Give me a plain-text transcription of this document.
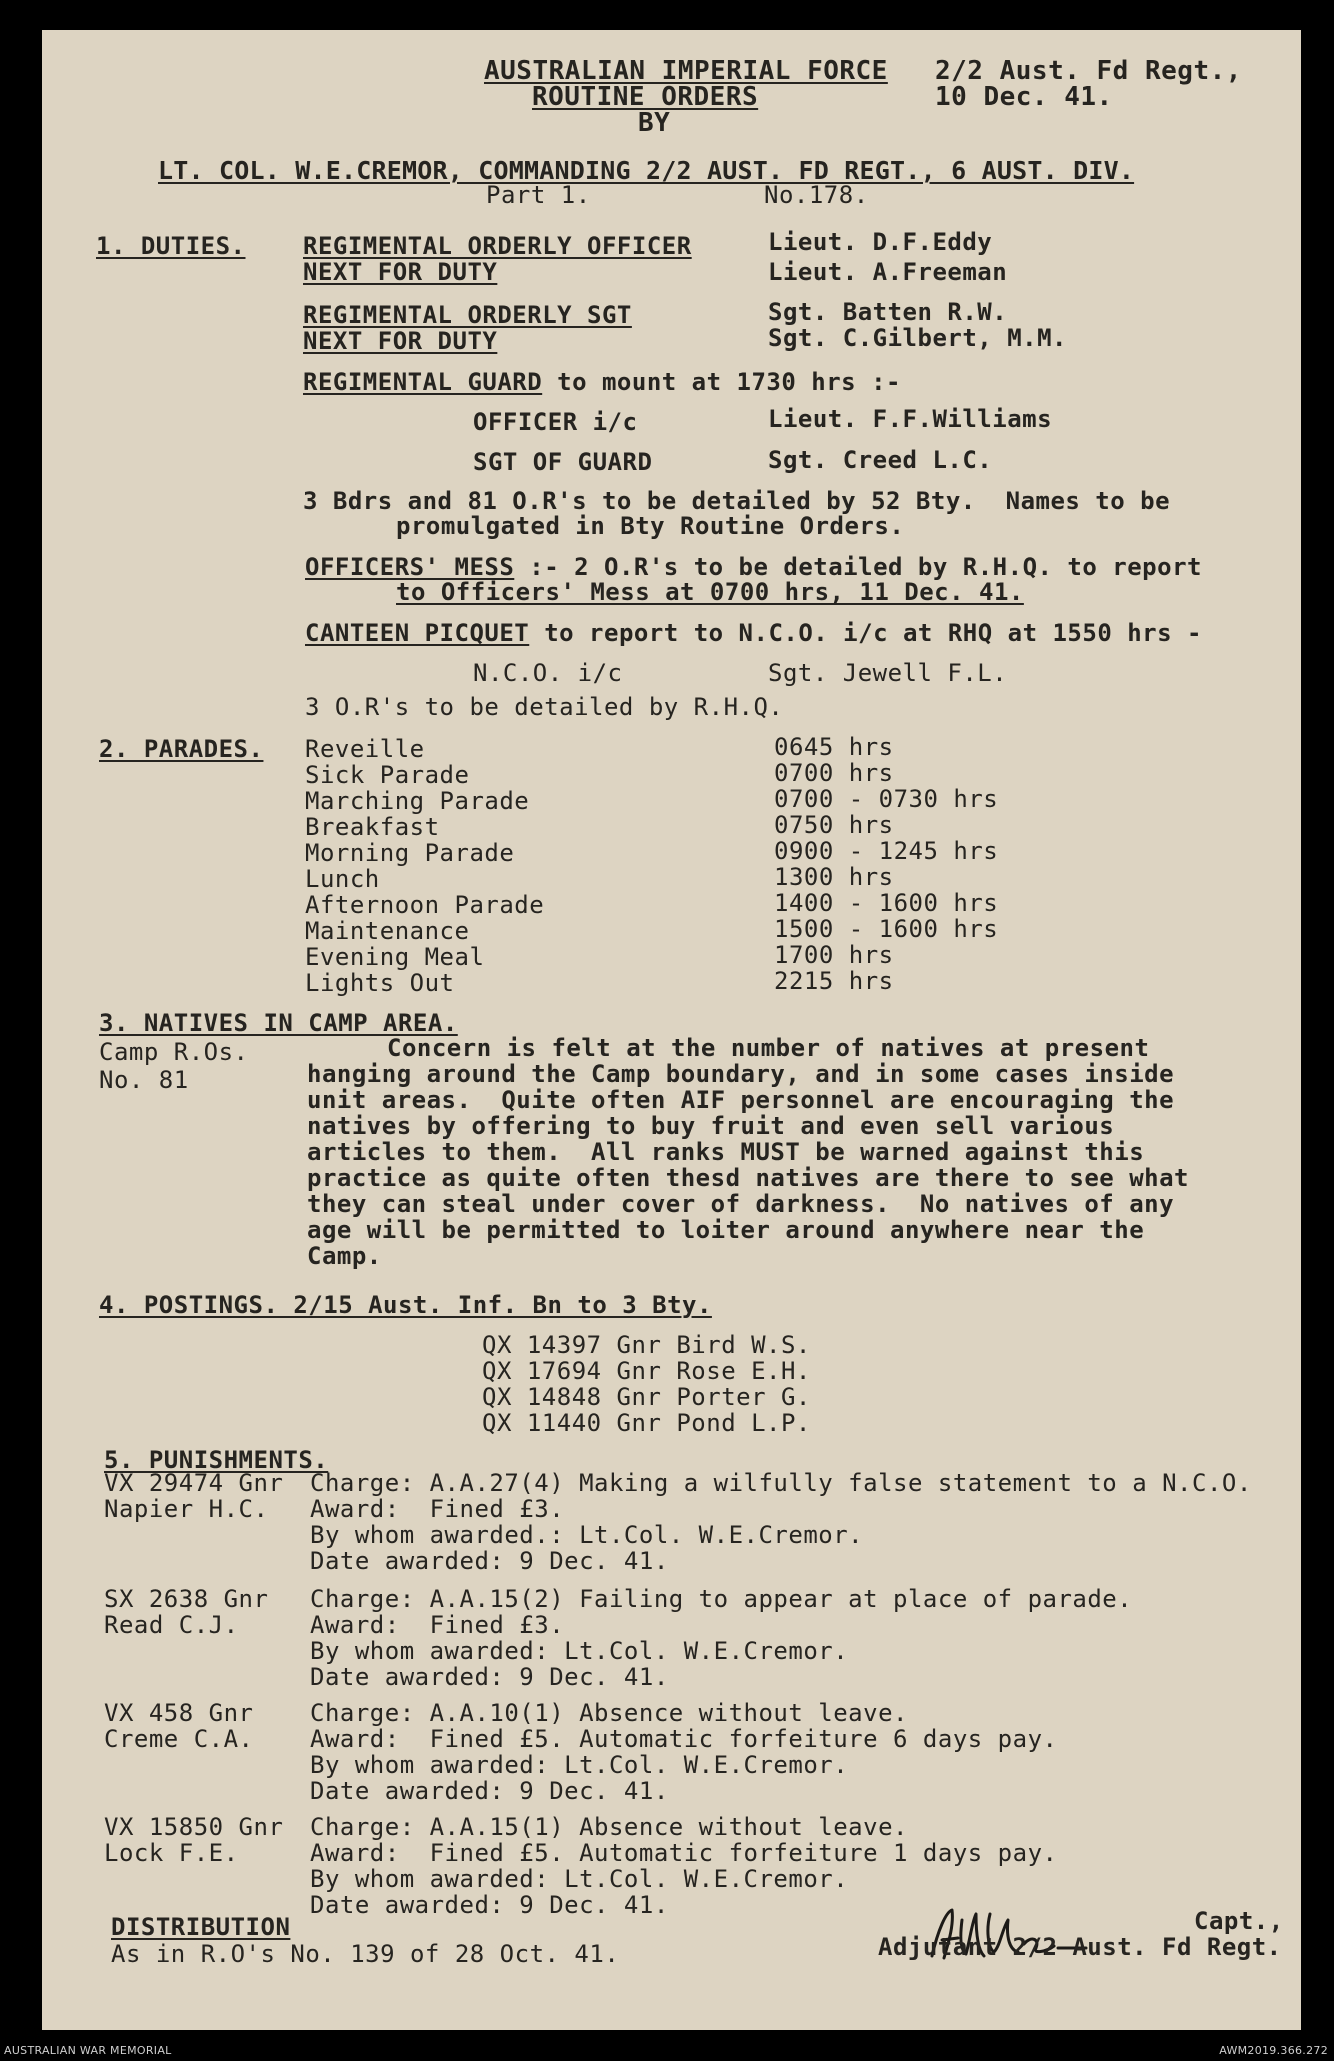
AUSTRALIAN IMPERIAL FORCE
ROUTINE ORDERS
BY
2/2 Aust. Fd Regt.,
10 Dec. 41.
LT. COL. W.E.CREMOR, COMMANDING 2/2 AUST. FD REGT., 6 AUST. DIV.
Part 1.	No.178.
1. DUTIES. REGIMENTAL ORDERLY OFFICER	Lieut. D.F.Eddy
NEXT FOR DUTY	Lieut. A.Freeman
REGIMENTAL ORDERLY SGT	Sgt. Batten R.W.
NEXT FOR DUTY	Sgt. C.Gilbert, M.M.
REGIMENTAL GUARD to mount at 1730 hrs :-
OFFICER i/c	Lieut. F.F.Williams
SGT OF GUARD	Sgt. Creed L.C.
3 Bdrs and 81 O.R's to be detailed by 52 Bty.  Names to be
promulgated in Bty Routine Orders.
OFFICERS' MESS :- 2 O.R's to be detailed by R.H.Q. to report
to Officers' Mess at 0700 hrs, 11 Dec. 41.
CANTEEN PICQUET to report to N.C.O. i/c at RHQ at 1550 hrs -
N.C.O. i/c	Sgt. Jewell F.L.
3 O.R's to be detailed by R.H.Q.
2. PARADES. Reveille	0645 hrs
Sick Parade	0700 hrs
Marching Parade	0700 - 0730 hrs
Breakfast	0750 hrs
Morning Parade	0900 - 1245 hrs
Lunch	1300 hrs
Afternoon Parade	1400 - 1600 hrs
Maintenance	1500 - 1600 hrs
Evening Meal	1700 hrs
Lights Out	2215 hrs
3. NATIVES IN CAMP AREA.
Camp R.Os.
No. 81
Concern is felt at the number of natives at present
hanging around the Camp boundary, and in some cases inside
unit areas.  Quite often AIF personnel are encouraging the
natives by offering to buy fruit and even sell various
articles to them.  All ranks MUST be warned against this
practice as quite often thesd natives are there to see what
they can steal under cover of darkness.  No natives of any
age will be permitted to loiter around anywhere near the
Camp.
4. POSTINGS. 2/15 Aust. Inf. Bn to 3 Bty.
QX 14397 Gnr Bird W.S.
QX 17694 Gnr Rose E.H.
QX 14848 Gnr Porter G.
QX 11440 Gnr Pond L.P.
5. PUNISHMENTS.
VX 29474 Gnr
Napier H.C.
Charge: A.A.27(4) Making a wilfully false statement to a N.C.O.
Award:  Fined £3.
By whom awarded.: Lt.Col. W.E.Cremor.
Date awarded: 9 Dec. 41.
SX 2638 Gnr
Read C.J.
Charge: A.A.15(2) Failing to appear at place of parade.
Award:  Fined £3.
By whom awarded: Lt.Col. W.E.Cremor.
Date awarded: 9 Dec. 41.
VX 458 Gnr
Creme C.A.
Charge: A.A.10(1) Absence without leave.
Award:  Fined £5. Automatic forfeiture 6 days pay.
By whom awarded: Lt.Col. W.E.Cremor.
Date awarded: 9 Dec. 41.
VX 15850 Gnr
Lock F.E.
Charge: A.A.15(1) Absence without leave.
Award:  Fined £5. Automatic forfeiture 1 days pay.
By whom awarded: Lt.Col. W.E.Cremor.
Date awarded: 9 Dec. 41.
DISTRIBUTION
As in R.O's No. 139 of 28 Oct. 41.
Capt.,
Adjutant 2/2 Aust. Fd Regt.
AUSTRALIAN WAR MEMORIAL	AWM2019.366.272
